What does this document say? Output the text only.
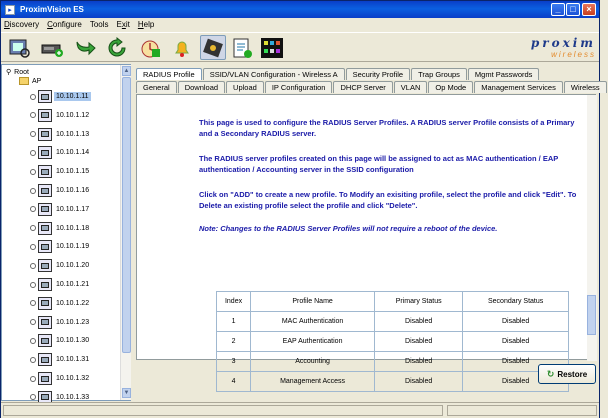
▸	ProximVision ES	_	□	×
Discovery Configure Tools Exit Help
proxim
wireless
⚲ Root
AP
10.10.1.11
10.10.1.12
10.10.1.13
10.10.1.14
10.10.1.15
10.10.1.16
10.10.1.17
10.10.1.18
10.10.1.19
10.10.1.20
10.10.1.21
10.10.1.22
10.10.1.23
10.10.1.30
10.10.1.31
10.10.1.32
10.10.1.33
▲
▼
RADIUS Profile	SSID/VLAN Configuration - Wireless A	Security Profile	Trap Groups	Mgmt Passwords
General	Download	Upload	IP Configuration	DHCP Server	VLAN	Op Mode	Management Services	Wireless
This page is used to configure the RADIUS Server Profiles. A RADIUS server Profile consists of a Primary and a Secondary RADIUS server.
The RADIUS server profiles created on this page will be assigned to act as MAC authentication / EAP authentication / Accounting server in the SSID configuration
Click on "ADD" to create a new profile. To Modify an exisiting profile, select the profile and click "Edit". To Delete an existing profile select the profile and click "Delete".
Note: Changes to the RADIUS Server Profiles will not require a reboot of the device.
Index	Profile Name	Primary Status	Secondary Status
1	MAC Authentication	Disabled	Disabled
2	EAP Authentication	Disabled	Disabled
3	Accounting	Disabled	Disabled
4	Management Access	Disabled	Disabled
↻ Restore
